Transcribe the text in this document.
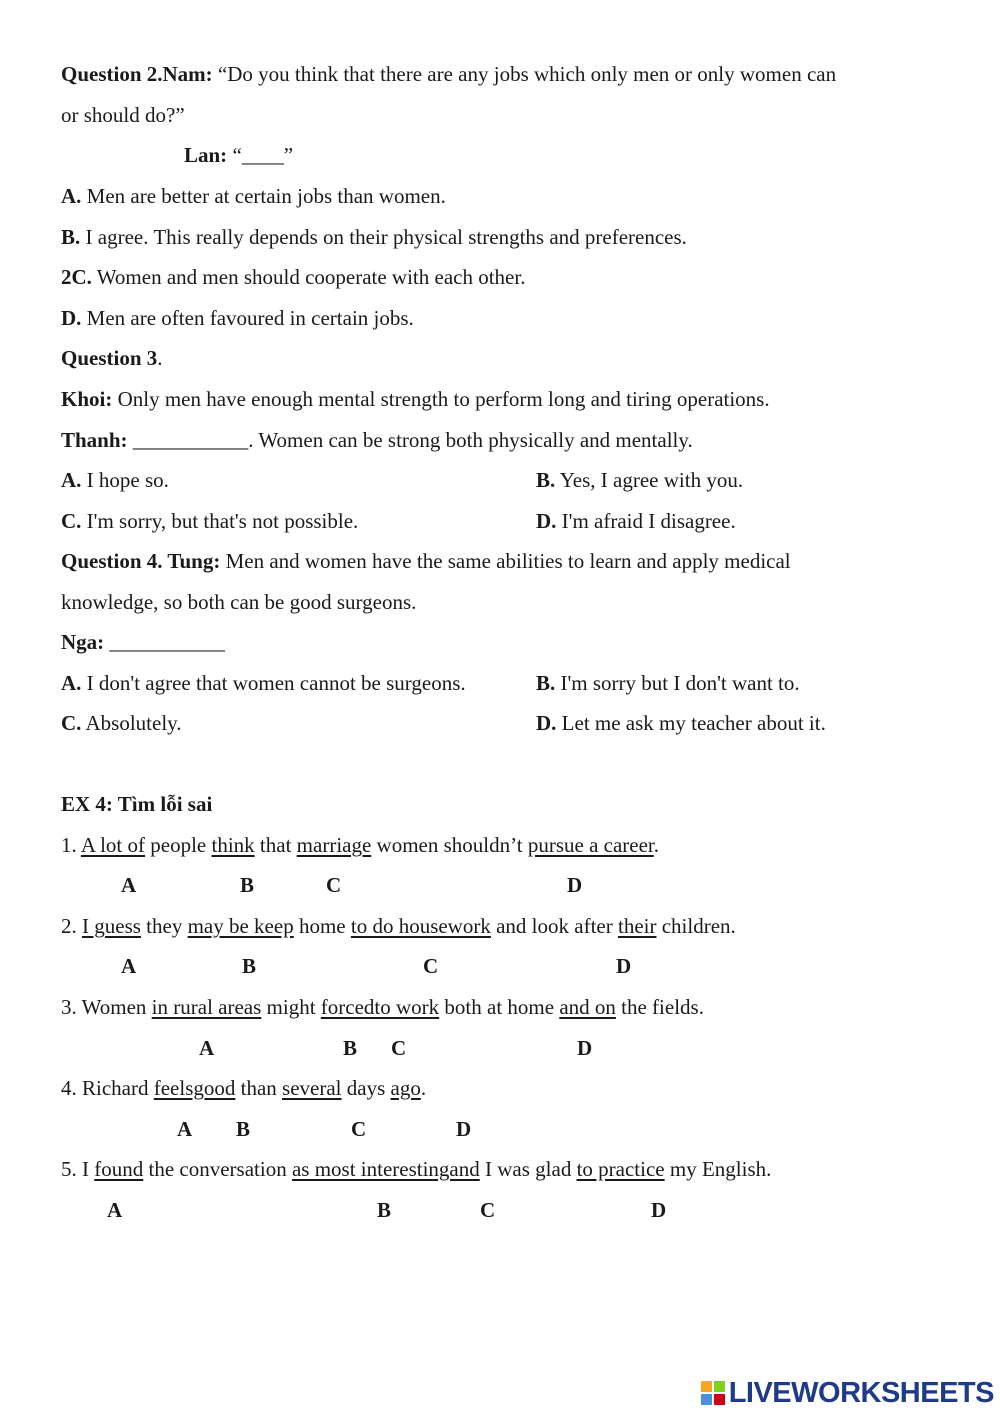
Question 2.Nam: “Do you think that there are any jobs which only men or only women can
or should do?”
Lan: “____”
A. Men are better at certain jobs than women.
B. I agree. This really depends on their physical strengths and preferences.
2C. Women and men should cooperate with each other.
D. Men are often favoured in certain jobs.
Question 3.
Khoi: Only men have enough mental strength to perform long and tiring operations.
Thanh: ___________. Women can be strong both physically and mentally.
A. I hope so.	B. Yes, I agree with you.
C. I'm sorry, but that's not possible.	D. I'm afraid I disagree.
Question 4. Tung: Men and women have the same abilities to learn and apply medical
knowledge, so both can be good surgeons.
Nga: ___________
A. I don't agree that women cannot be surgeons.	B. I'm sorry but I don't want to.
C. Absolutely.	D. Let me ask my teacher about it.
EX 4: Tìm lỗi sai
1. A lot of people think that marriage women shouldn’t pursue a career.
A	B	C	D
2. I guess they may be keep home to do housework and look after their children.
A	B	C	D
3. Women in rural areas might forcedto work both at home and on the fields.
A	B C	D
4. Richard feelsgood than several days ago.
A B	C	D
5. I found the conversation as most interestingand I was glad to practice my English.
A	B	C	D
LIVEWORKSHEETS
